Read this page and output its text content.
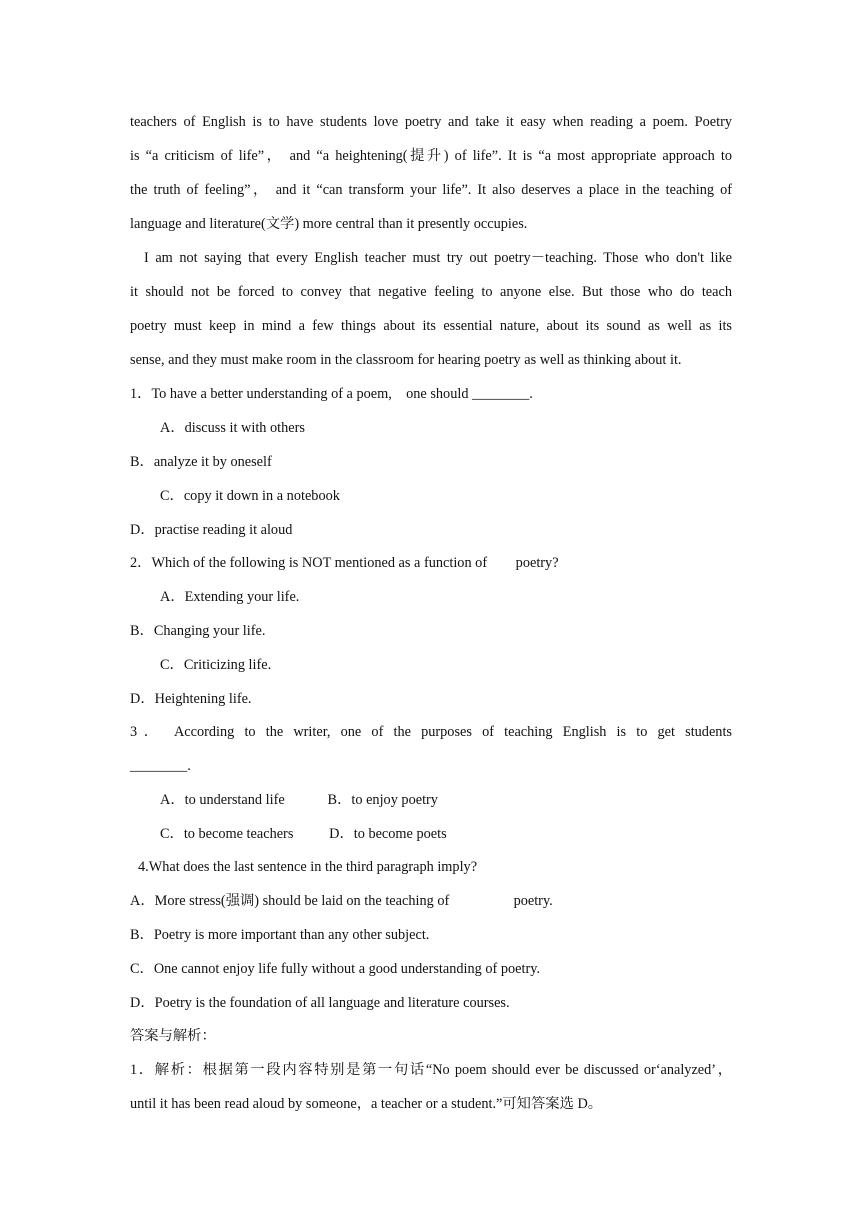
teachers of English is to have students love poetry and take it easy when reading a poem. Poetry
is “a criticism of life”， and “a heightening(提升) of life”. It is “a most appropriate approach to
the truth of feeling”， and it “can transform your life”. It also deserves a place in the teaching of
language and literature(文学) more central than it presently occupies.
I am not saying that every English teacher must try out poetry－teaching. Those who don't like
it should not be forced to convey that negative feeling to anyone else. But those who do teach
poetry must keep in mind a few things about its essential nature, about its sound as well as its
sense, and they must make room in the classroom for hearing poetry as well as thinking about it.
1．To have a better understanding of a poem,    one should ________.
A．discuss it with others
B．analyze it by oneself
C．copy it down in a notebook
D．practise reading it aloud
2．Which of the following is NOT mentioned as a function of        poetry?
A．Extending your life.
B．Changing your life.
C．Criticizing life.
D．Heightening life.
3． According to the writer, one of the purposes of teaching English is to get students
________.
A．to understand life            B．to enjoy poetry
C．to become teachers          D．to become poets
4.What does the last sentence in the third paragraph imply?
A．More stress(强调) should be laid on the teaching of                  poetry.
B．Poetry is more important than any other subject.
C．One cannot enjoy life fully without a good understanding of poetry.
D．Poetry is the foundation of all language and literature courses.
答案与解析：
1．解析：根据第一段内容特别是第一句话“No poem should ever be discussed or‘analyzed’，
until it has been read aloud by someone，a teacher or a student.”可知答案选 D。
